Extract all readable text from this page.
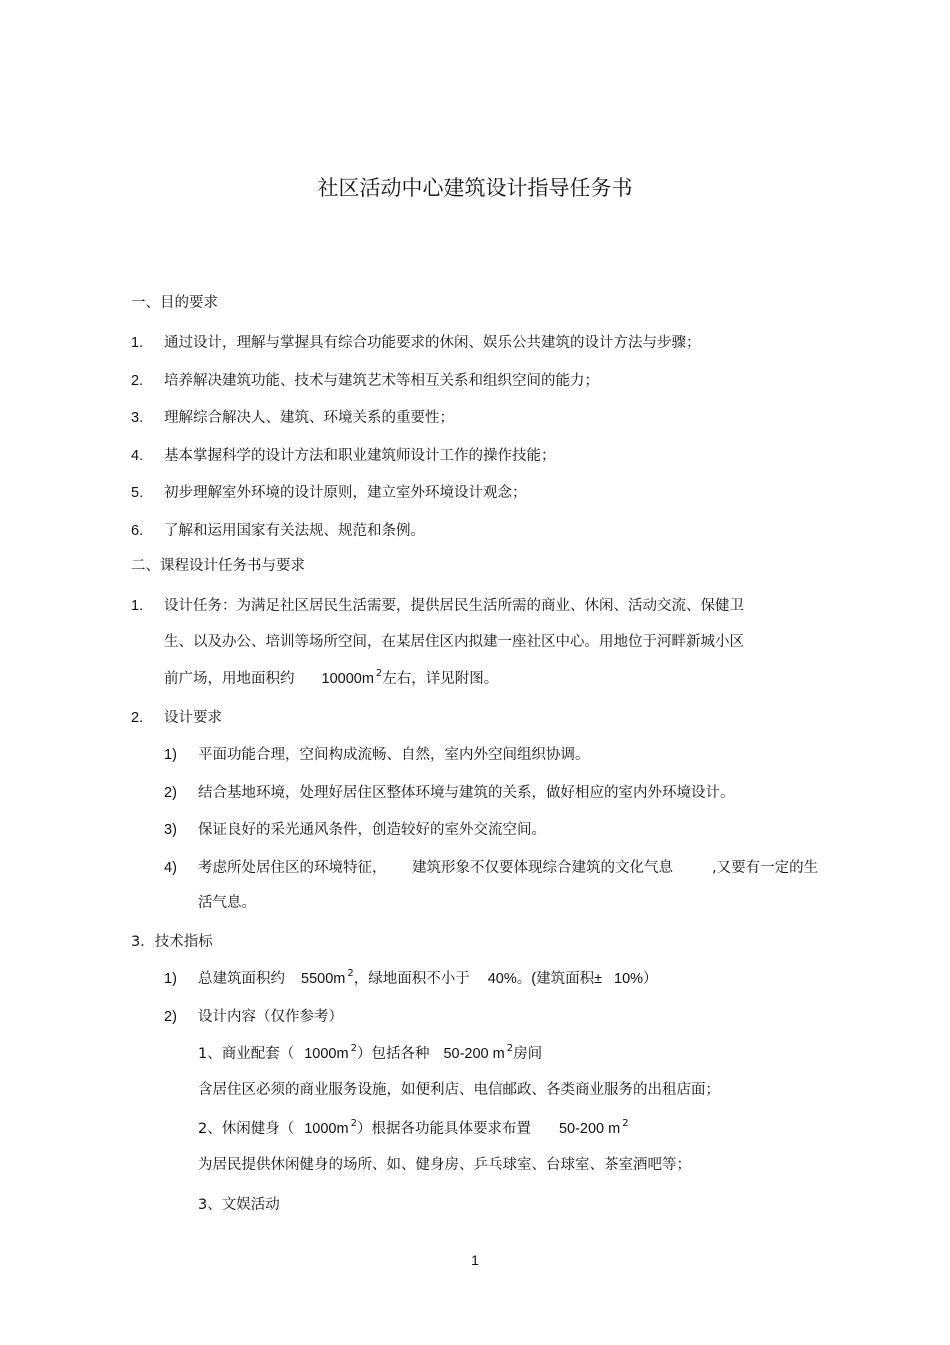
社区活动中心建筑设计指导任务书
一、目的要求
1. 通过设计，理解与掌握具有综合功能要求的休闲、娱乐公共建筑的设计方法与步骤；
2. 培养解决建筑功能、技术与建筑艺术等相互关系和组织空间的能力；
3. 理解综合解决人、建筑、环境关系的重要性；
4. 基本掌握科学的设计方法和职业建筑师设计工作的操作技能；
5. 初步理解室外环境的设计原则，建立室外环境设计观念；
6. 了解和运用国家有关法规、规范和条例。
二、课程设计任务书与要求
1. 设计任务：为满足社区居民生活需要，提供居民生活所需的商业、休闲、活动交流、保健卫
生、以及办公、培训等场所空间，在某居住区内拟建一座社区中心。用地位于河畔新城小区
前广场，用地面积约 10000m $^2$左右，详见附图。
2. 设计要求
1) 平面功能合理，空间构成流畅、自然，室内外空间组织协调。
2) 结合基地环境，处理好居住区整体环境与建筑的关系，做好相应的室内外环境设计。
3) 保证良好的采光通风条件，创造较好的室外交流空间。
4) 考虑所处居住区的环境特征， 建筑形象不仅要体现综合建筑的文化气息	,又要有一定的生
活气息。
3．技术指标
1) 总建筑面积约 5500m $^2$，绿地面积不小于 40%。(建筑面积± 10%）
2) 设计内容（仅作参考）
1、商业配套（ 1000m $^2$）包括各种 50-200 m $^2$房间
含居住区必须的商业服务设施，如便利店、电信邮政、各类商业服务的出租店面；
2、休闲健身（ 1000m $^2$）根据各功能具体要求布置 50-200 m $^2$
为居民提供休闲健身的场所、如、健身房、乒乓球室、台球室、茶室酒吧等；
3、文娱活动
1
